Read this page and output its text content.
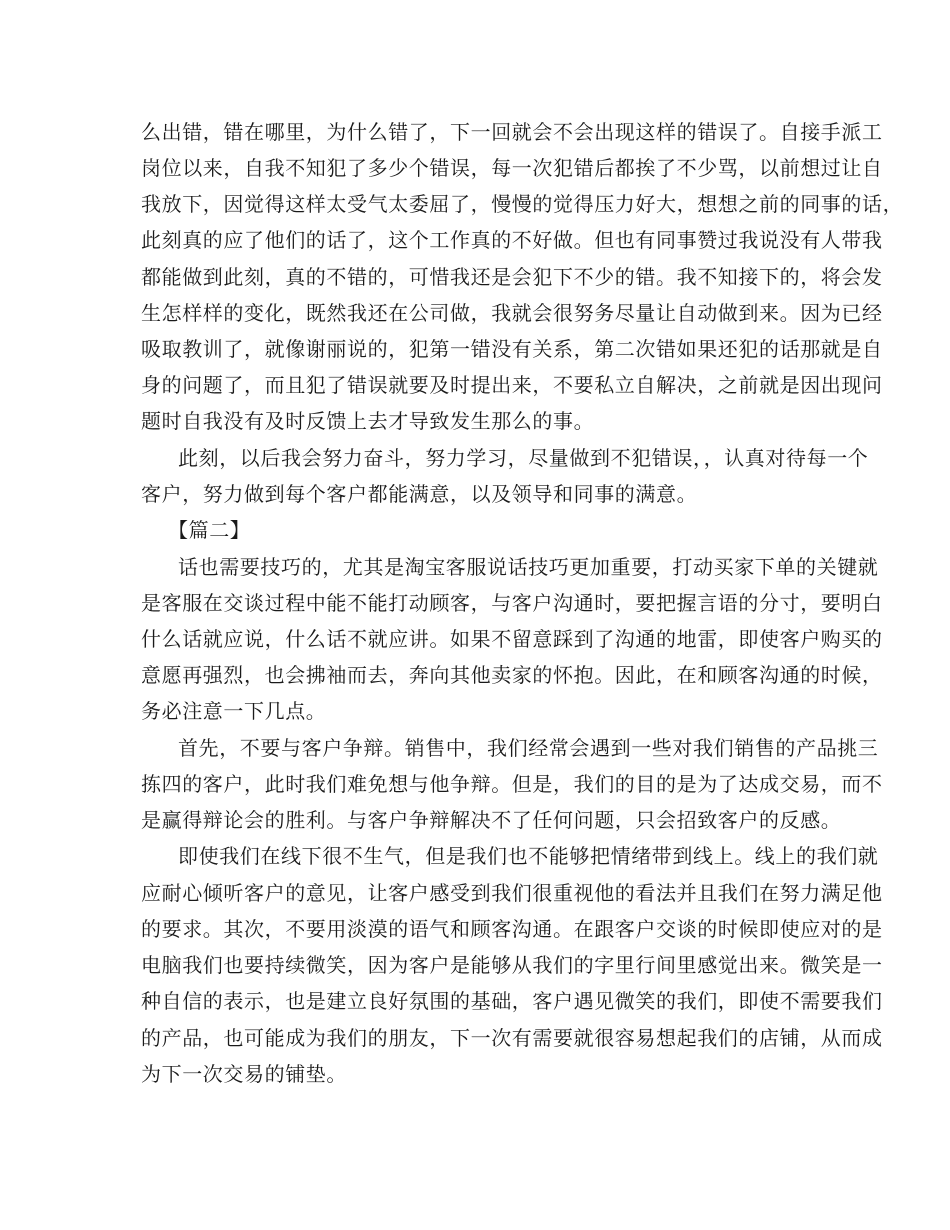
么出错，错在哪里，为什么错了，下一回就会不会出现这样的错误了。自接手派工
岗位以来，自我不知犯了多少个错误，每一次犯错后都挨了不少骂，以前想过让自
我放下，因觉得这样太受气太委屈了，慢慢的觉得压力好大，想想之前的同事的话，
此刻真的应了他们的话了，这个工作真的不好做。但也有同事赞过我说没有人带我
都能做到此刻，真的不错的，可惜我还是会犯下不少的错。我不知接下的，将会发
生怎样样的变化，既然我还在公司做，我就会很努务尽量让自动做到来。因为已经
吸取教训了，就像谢丽说的，犯第一错没有关系，第二次错如果还犯的话那就是自
身的问题了，而且犯了错误就要及时提出来，不要私立自解决，之前就是因出现问
题时自我没有及时反馈上去才导致发生那么的事。
此刻，以后我会努力奋斗，努力学习，尽量做到不犯错误，，认真对待每一个
客户，努力做到每个客户都能满意，以及领导和同事的满意。
【篇二】
话也需要技巧的，尤其是淘宝客服说话技巧更加重要，打动买家下单的关键就
是客服在交谈过程中能不能打动顾客，与客户沟通时，要把握言语的分寸，要明白
什么话就应说，什么话不就应讲。如果不留意踩到了沟通的地雷，即使客户购买的
意愿再强烈，也会拂袖而去，奔向其他卖家的怀抱。因此，在和顾客沟通的时候，
务必注意一下几点。
首先，不要与客户争辩。销售中，我们经常会遇到一些对我们销售的产品挑三
拣四的客户，此时我们难免想与他争辩。但是，我们的目的是为了达成交易，而不
是赢得辩论会的胜利。与客户争辩解决不了任何问题，只会招致客户的反感。
即使我们在线下很不生气，但是我们也不能够把情绪带到线上。线上的我们就
应耐心倾听客户的意见，让客户感受到我们很重视他的看法并且我们在努力满足他
的要求。其次，不要用淡漠的语气和顾客沟通。在跟客户交谈的时候即使应对的是
电脑我们也要持续微笑，因为客户是能够从我们的字里行间里感觉出来。微笑是一
种自信的表示，也是建立良好氛围的基础，客户遇见微笑的我们，即使不需要我们
的产品，也可能成为我们的朋友，下一次有需要就很容易想起我们的店铺，从而成
为下一次交易的铺垫。
